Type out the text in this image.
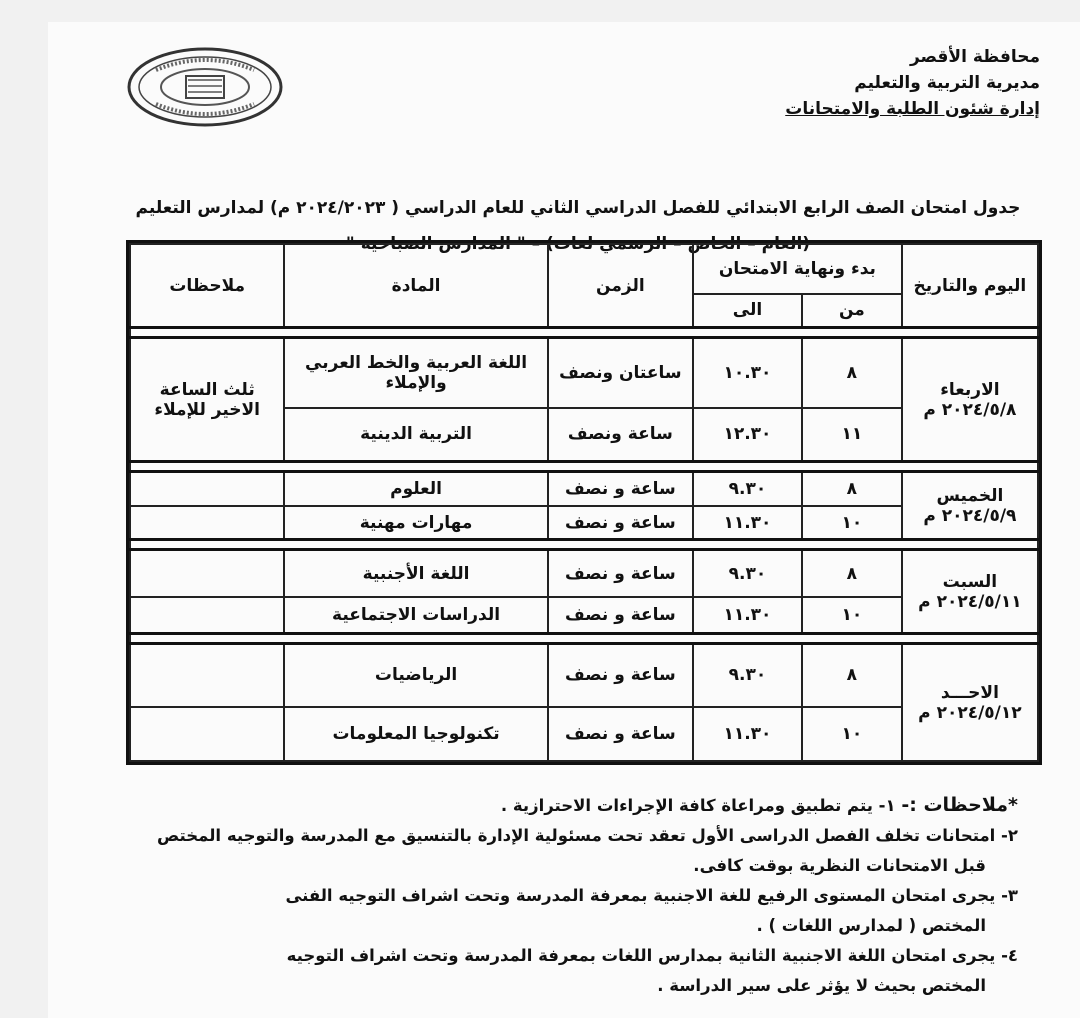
محافظة الأقصر
مديرية التربية والتعليم
إدارة شئون الطلبة والامتحانات
جدول امتحان الصف الرابع الابتدائي للفصل الدراسي الثاني للعام الدراسي ( ٢٠٢٤/٢٠٢٣ م) لمدارس التعليم
(العام – الخاص – الرسمي لغات) – " المدارس الصباحية "
اليوم والتاريخ	بدء ونهاية الامتحان		الزمن	المادة	ملاحظات
	من	الى			

الاربعاء
٢٠٢٤/٥/٨ م	٨	١٠.٣٠	ساعتان ونصف	اللغة العربية والخط العربي والإملاء	ثلث الساعة الاخير للإملاء
	١١	١٢.٣٠	ساعة ونصف	التربية الدينية	

الخميس
٢٠٢٤/٥/٩ م	٨	٩.٣٠	ساعة و نصف	العلوم	
	١٠	١١.٣٠	ساعة و نصف	مهارات مهنية	

السبت
٢٠٢٤/٥/١١ م	٨	٩.٣٠	ساعة و نصف	اللغة الأجنبية	
	١٠	١١.٣٠	ساعة و نصف	الدراسات الاجتماعية	

الاحـــد
٢٠٢٤/٥/١٢ م	٨	٩.٣٠	ساعة و نصف	الرياضيات	
	١٠	١١.٣٠	ساعة و نصف	تكنولوجيا المعلومات	

*ملاحظات :- ١- يتم تطبيق ومراعاة كافة الإجراءات الاحترازية .

٢- امتحانات تخلف الفصل الدراسى الأول تعقد تحت مسئولية الإدارة بالتنسيق مع المدرسة والتوجيه المختص

قبل الامتحانات النظرية بوقت كافى.

٣- يجرى امتحان المستوى الرفيع للغة الاجنبية بمعرفة المدرسة وتحت اشراف التوجيه الفنى

المختص ( لمدارس اللغات ) .

٤- يجرى امتحان اللغة الاجنبية الثانية بمدارس اللغات بمعرفة المدرسة وتحت اشراف التوجيه

المختص بحيث لا يؤثر على سير الدراسة .
